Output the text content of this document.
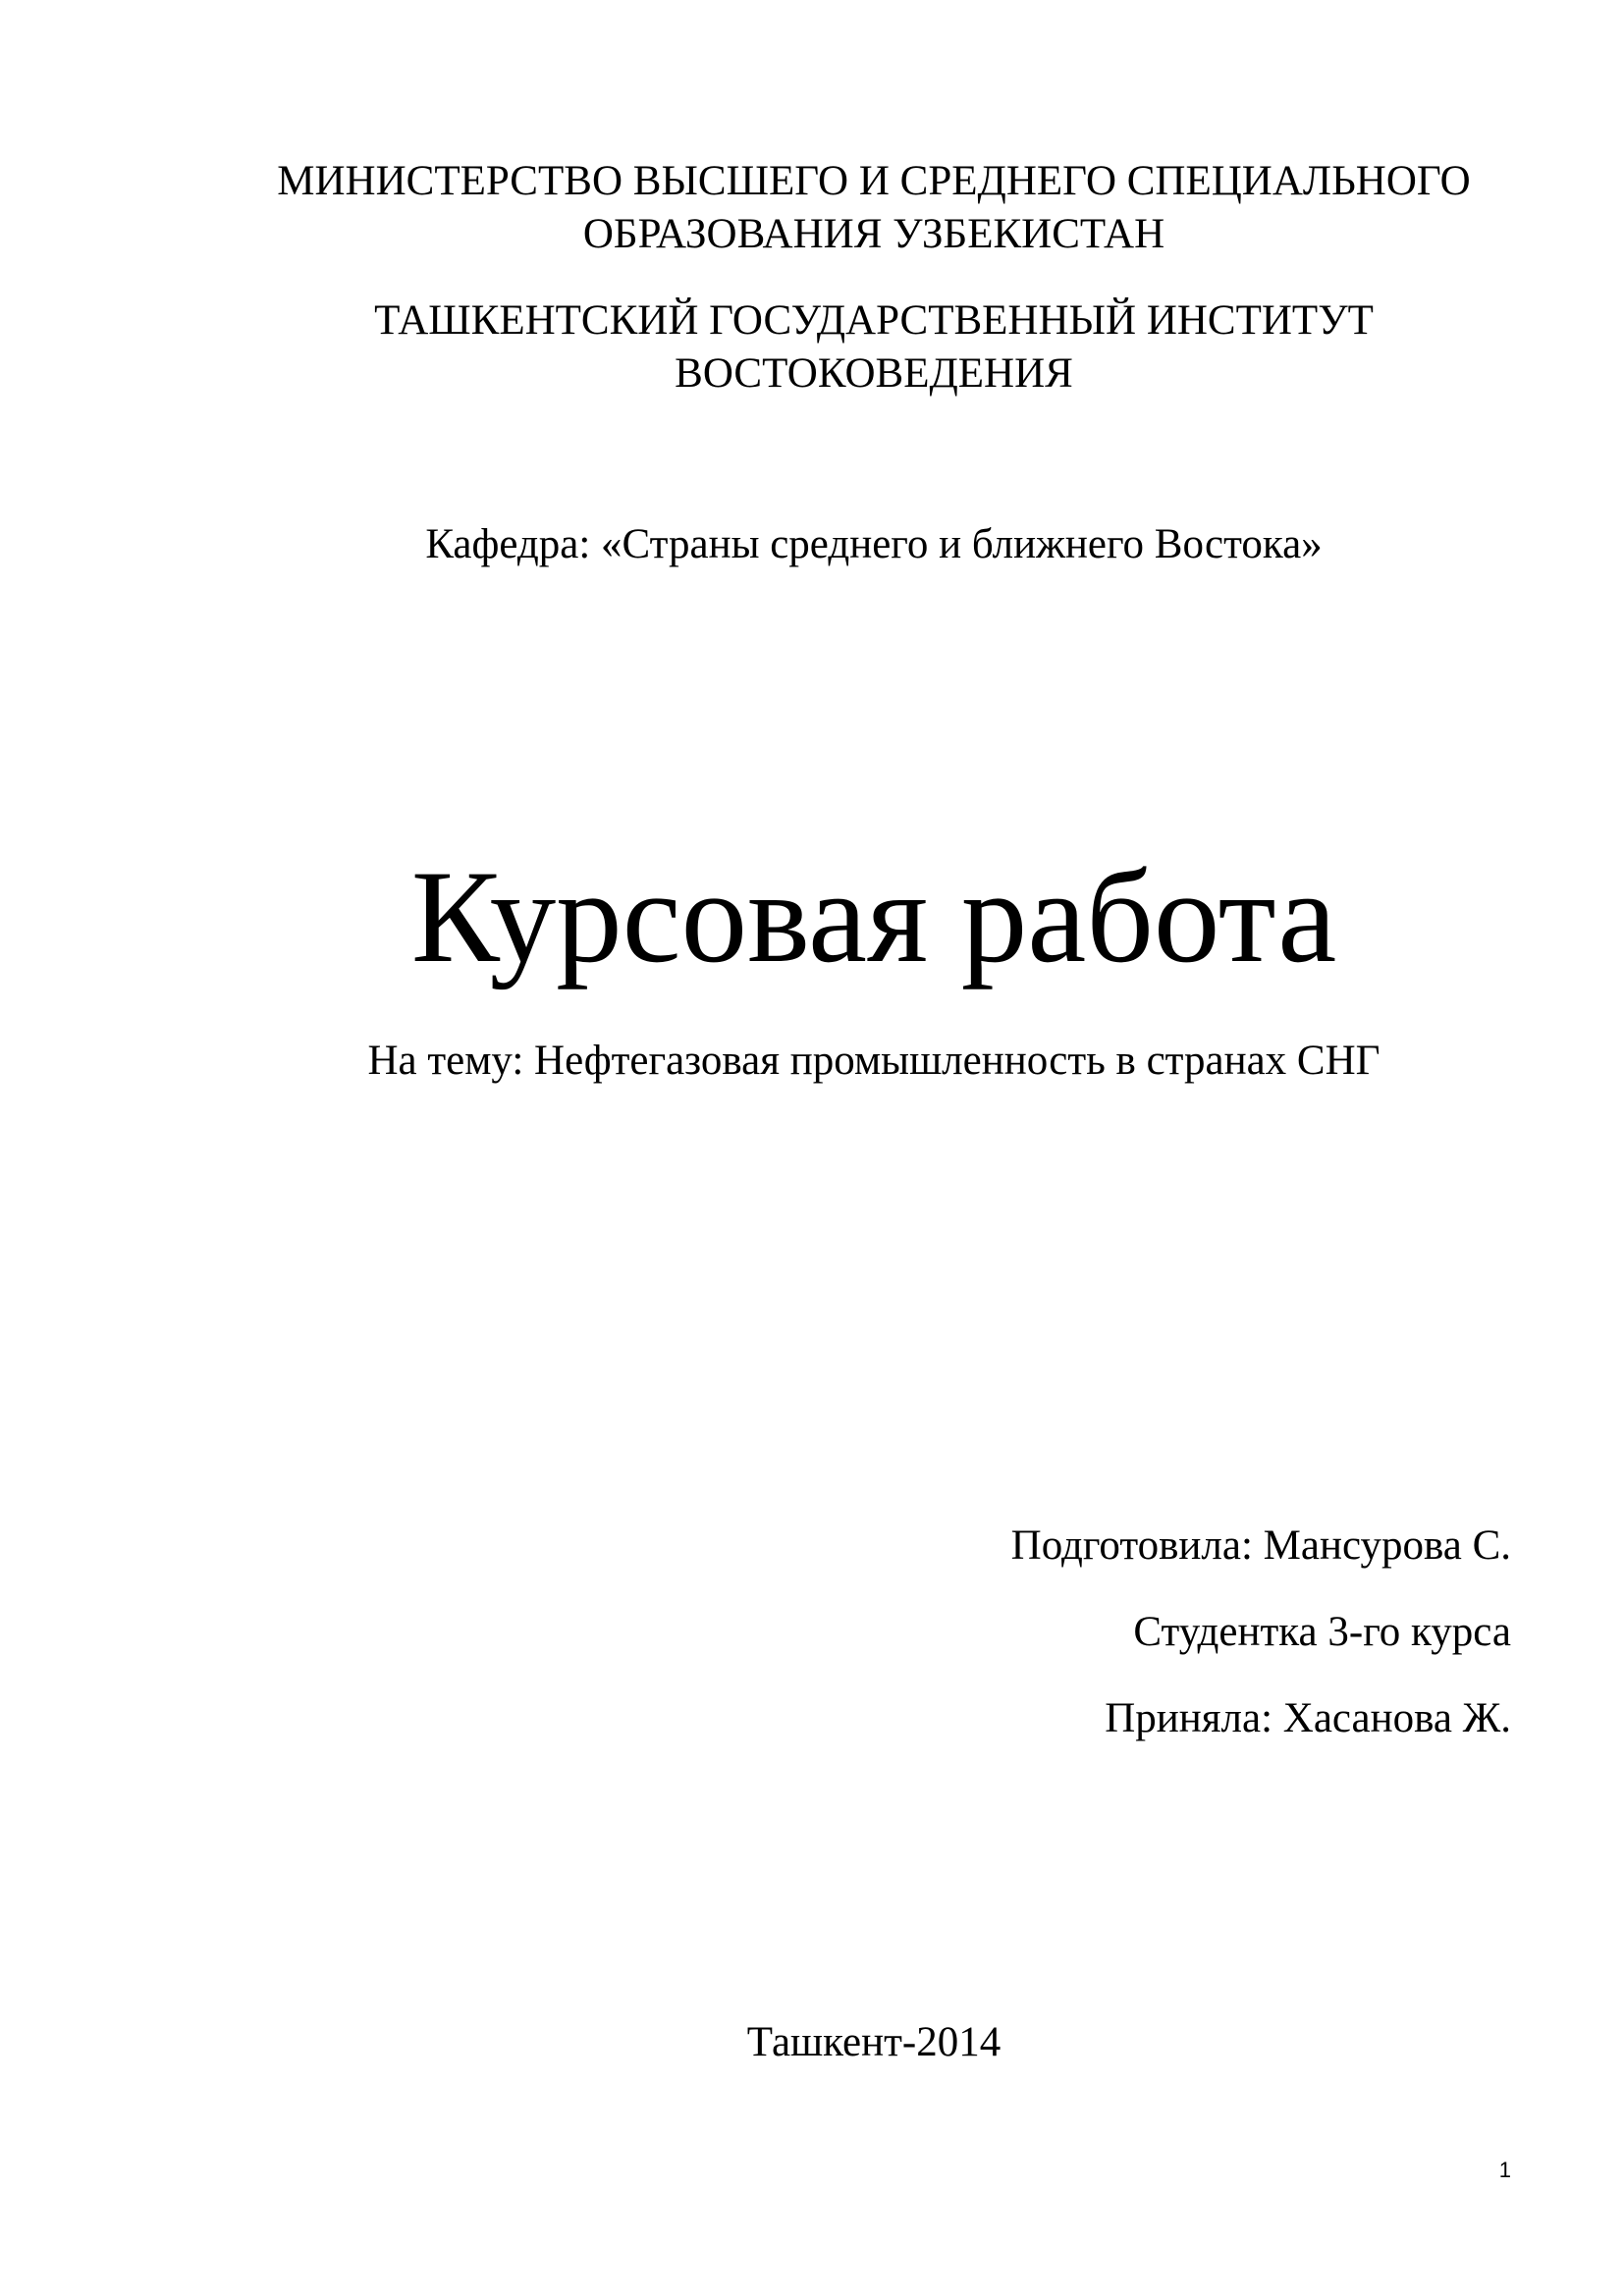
МИНИСТЕРСТВО ВЫСШЕГО И СРЕДНЕГО СПЕЦИАЛЬНОГО
ОБРАЗОВАНИЯ УЗБЕКИСТАН
ТАШКЕНТСКИЙ ГОСУДАРСТВЕННЫЙ ИНСТИТУТ
ВОСТОКОВЕДЕНИЯ
Кафедра: «Страны среднего и ближнего Востока»
Курсовая работа
На тему: Нефтегазовая промышленность в странах СНГ
Подготовила: Мансурова С.
Студентка 3-го курса
Приняла: Хасанова Ж.
Ташкент-2014
1
